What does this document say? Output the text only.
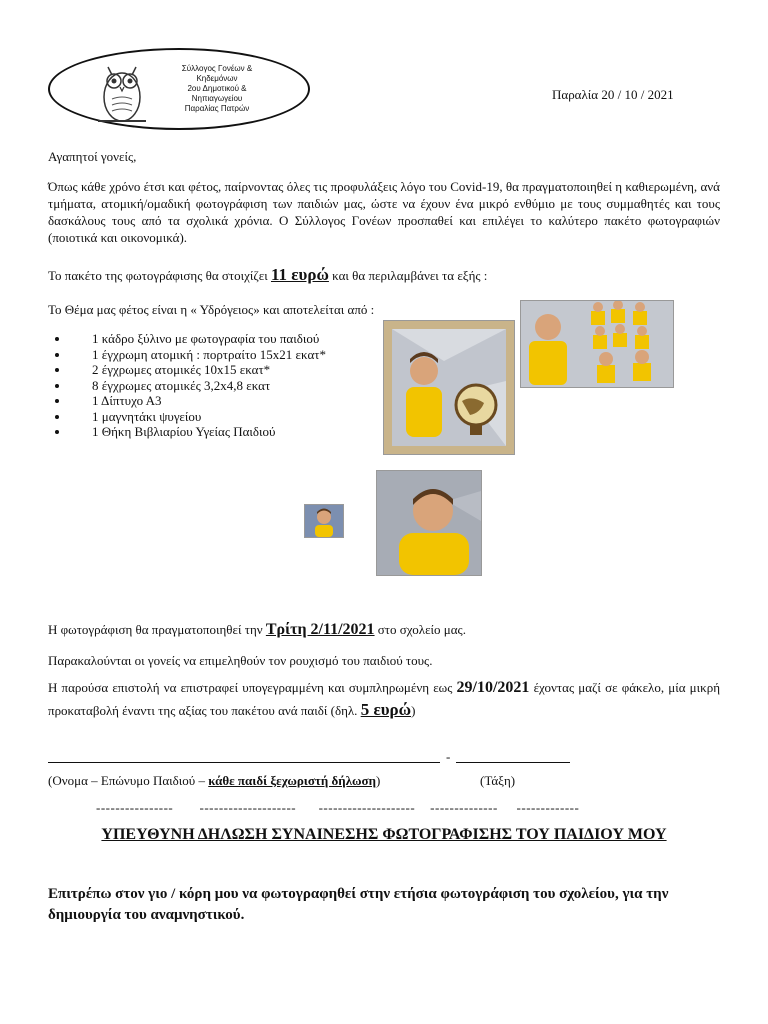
Σύλλογος Γονέων &
Κηδεμόνων
2ου Δημοτικού &
Νηπιαγωγείου
Παραλίας Πατρών
Παραλία 20 / 10 / 2021
Αγαπητοί γονείς,
Όπως κάθε χρόνο έτσι και φέτος, παίρνοντας όλες τις προφυλάξεις λόγο του Covid-19, θα πραγματοποιηθεί η καθιερωμένη, ανά τμήματα, ατομική/ομαδική φωτογράφιση των παιδιών μας, ώστε να έχουν ένα μικρό ενθύμιο με τους συμμαθητές και τους δασκάλους τους από τα σχολικά χρόνια. Ο Σύλλογος Γονέων προσπαθεί και επιλέγει το καλύτερο πακέτο φωτογραφιών (ποιοτικά και οικονομικά).
Το πακέτο της φωτογράφισης θα στοιχίζει 11 ευρώ και θα περιλαμβάνει τα εξής :
Το Θέμα μας φέτος είναι η « Υδρόγειος» και αποτελείται από :
• 1 κάδρο ξύλινο με φωτογραφία του παιδιού
• 1 έγχρωμη ατομική : πορτραίτο 15x21 εκατ*
• 2 έγχρωμες ατομικές 10x15 εκατ*
• 8 έγχρωμες ατομικές 3,2x4,8 εκατ
• 1 Δίπτυχο Α3
• 1 μαγνητάκι ψυγείου
• 1 Θήκη Βιβλιαρίου Υγείας Παιδιού
Η φωτογράφιση θα πραγματοποιηθεί την Τρίτη 2/11/2021 στο σχολείο μας.
Παρακαλούνται οι γονείς να επιμεληθούν τον ρουχισμό του παιδιού τους.
Η παρούσα επιστολή να επιστραφεί υπογεγραμμένη και συμπληρωμένη εως 29/10/2021 έχοντας μαζί σε φάκελο, μία μικρή προκαταβολή έναντι της αξίας του πακέτου ανά παιδί (δηλ. 5 ευρώ)
-
(Ονομα – Επώνυμο Παιδιού – κάθε παιδί ξεχωριστή δήλωση)	(Τάξη)
----------------       --------------------      --------------------    --------------     -------------
ΥΠΕΥΘΥΝΗ ΔΗΛΩΣΗ ΣΥΝΑΙΝΕΣΗΣ ΦΩΤΟΓΡΑΦΙΣΗΣ ΤΟΥ ΠΑΙΔΙΟΥ ΜΟΥ
Επιτρέπω στον γιο / κόρη μου να φωτογραφηθεί στην ετήσια φωτογράφιση του σχολείου, για την δημιουργία του αναμνηστικού.
